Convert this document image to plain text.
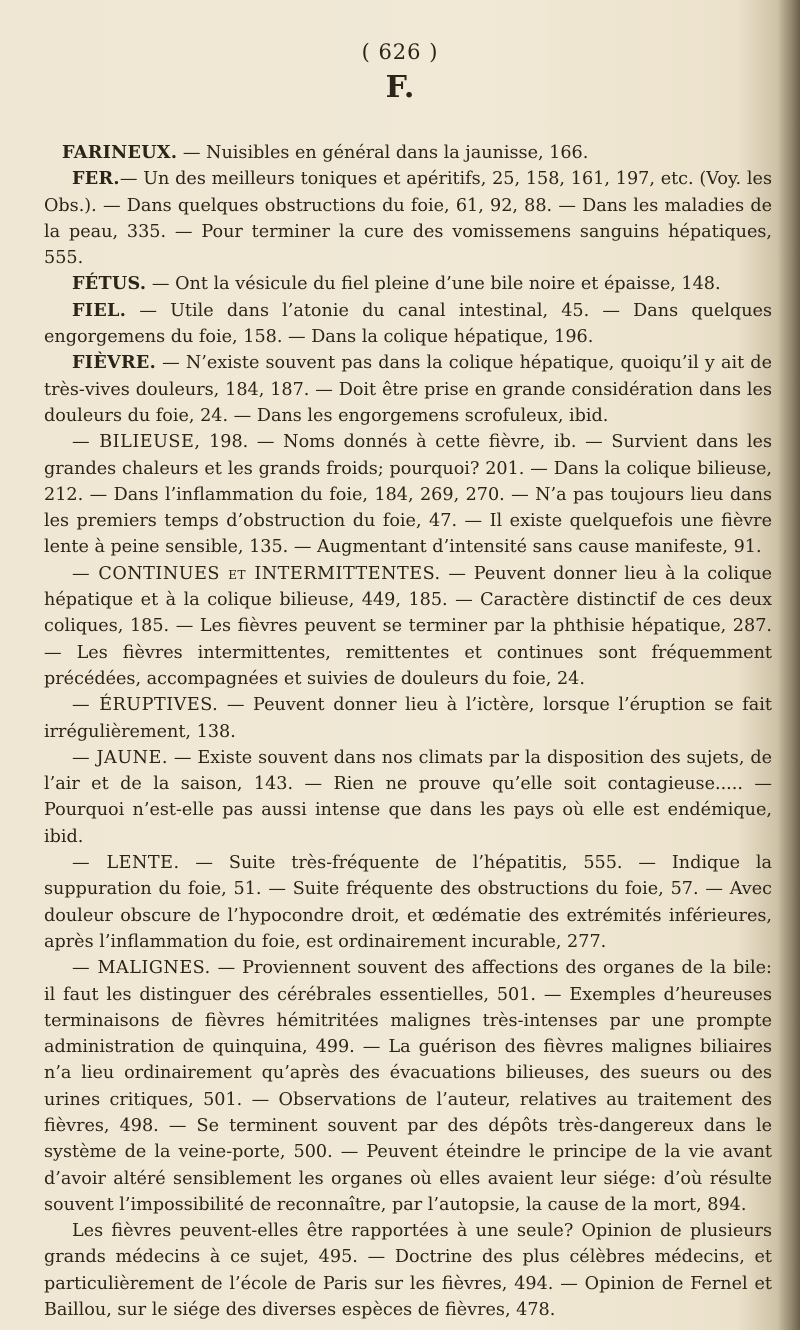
( 626 )
F.

FARINEUX. — Nuisibles en général dans la jaunisse, 166.

FER.— Un des meilleurs toniques et apéritifs, 25, 158, 161, 197, etc. (Voy. les Obs.). — Dans quelques obstructions du foie, 61, 92, 88. — Dans les maladies de la peau, 335. — Pour terminer la cure des vomissemens sanguins hépatiques, 555.

FÉTUS. — Ont la vésicule du fiel pleine d’une bile noire et épaisse, 148.

FIEL. — Utile dans l’atonie du canal intestinal, 45. — Dans quelques engorgemens du foie, 158. — Dans la colique hépatique, 196.

FIÈVRE. — N’existe souvent pas dans la colique hépatique, quoiqu’il y ait de très-vives douleurs, 184, 187. — Doit être prise en grande considération dans les douleurs du foie, 24. — Dans les engorgemens scrofuleux, ibid.

— BILIEUSE, 198. — Noms donnés à cette fièvre, ib. — Survient dans les grandes chaleurs et les grands froids; pourquoi? 201. — Dans la colique bilieuse, 212. — Dans l’inflammation du foie, 184, 269, 270. — N’a pas toujours lieu dans les premiers temps d’obstruction du foie, 47. — Il existe quelquefois une fièvre lente à peine sensible, 135. — Augmentant d’intensité sans cause manifeste, 91.

— CONTINUES et INTERMITTENTES. — Peuvent donner lieu à la colique hépatique et à la colique bilieuse, 449, 185. — Caractère distinctif de ces deux coliques, 185. — Les fièvres peuvent se terminer par la phthisie hépatique, 287. — Les fièvres intermittentes, remittentes et continues sont fréquemment précédées, accompagnées et suivies de douleurs du foie, 24.

— ÉRUPTIVES. — Peuvent donner lieu à l’ictère, lorsque l’éruption se fait irrégulièrement, 138.

— JAUNE. — Existe souvent dans nos climats par la disposition des sujets, de l’air et de la saison, 143. — Rien ne prouve qu’elle soit contagieuse..... — Pourquoi n’est-elle pas aussi intense que dans les pays où elle est endémique, ibid.

— LENTE. — Suite très-fréquente de l’hépatitis, 555. — Indique la suppuration du foie, 51. — Suite fréquente des obstructions du foie, 57. — Avec douleur obscure de l’hypocondre droit, et œdématie des extrémités inférieures, après l’inflammation du foie, est ordinairement incurable, 277.

— MALIGNES. — Proviennent souvent des affections des organes de la bile: il faut les distinguer des cérébrales essentielles, 501. — Exemples d’heureuses terminaisons de fièvres hémitritées malignes très-intenses par une prompte administration de quinquina, 499. — La guérison des fièvres malignes biliaires n’a lieu ordinairement qu’après des évacuations bilieuses, des sueurs ou des urines critiques, 501. — Observations de l’auteur, relatives au traitement des fièvres, 498. — Se terminent souvent par des dépôts très-dangereux dans le système de la veine-porte, 500. — Peuvent éteindre le principe de la vie avant d’avoir altéré sensiblement les organes où elles avaient leur siége: d’où résulte souvent l’impossibilité de reconnaître, par l’autopsie, la cause de la mort, 894.

Les fièvres peuvent-elles être rapportées à une seule? Opinion de plusieurs grands médecins à ce sujet, 495. — Doctrine des plus célèbres médecins, et particulièrement de l’école de Paris sur les fièvres, 494. — Opinion de Fernel et Baillou, sur le siége des diverses espèces de fièvres, 478.
